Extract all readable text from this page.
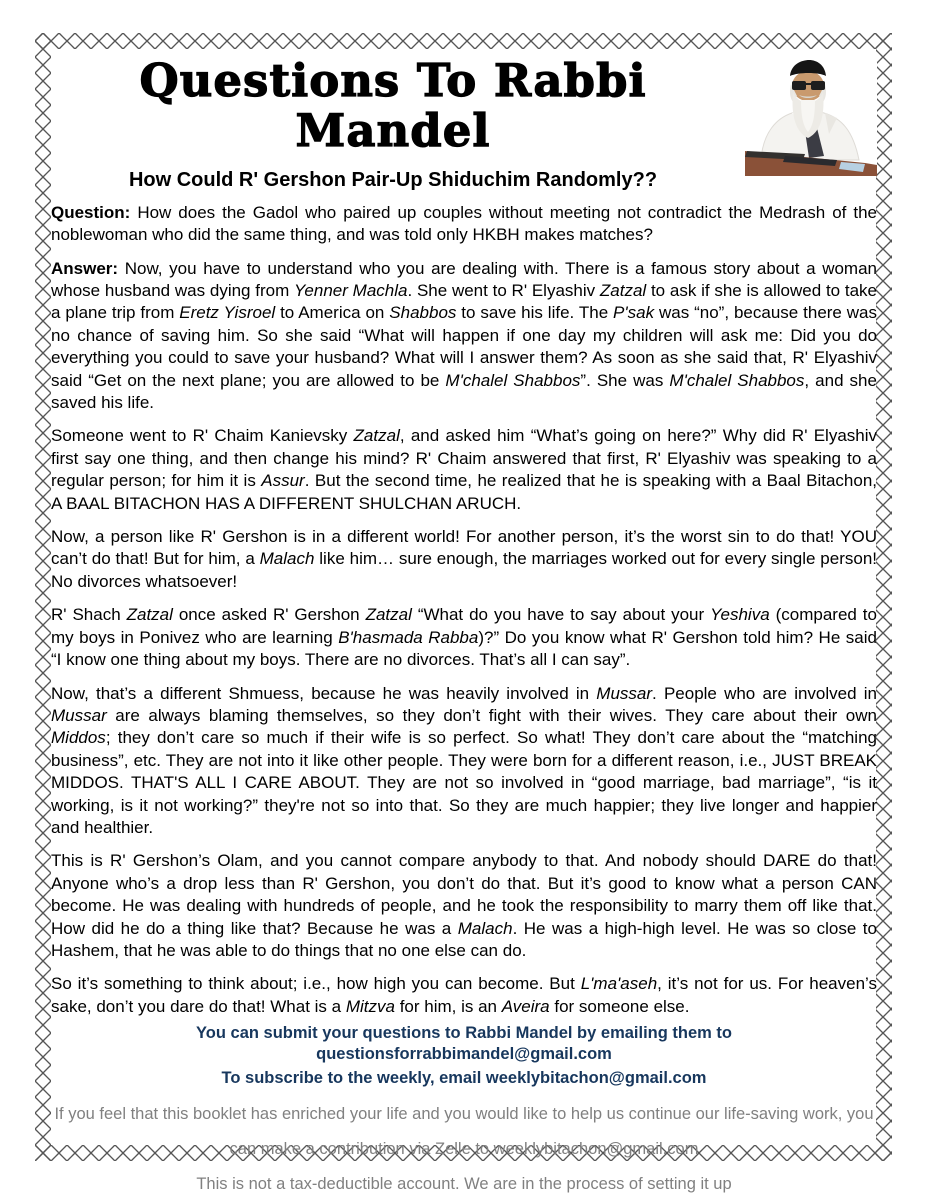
Questions To Rabbi Mandel
How Could R' Gershon Pair-Up Shiduchim Randomly??

Question: How does the Gadol who paired up couples without meeting not contradict the Medrash of the noblewoman who did the same thing, and was told only HKBH makes matches?

Answer: Now, you have to understand who you are dealing with. There is a famous story about a woman whose husband was dying from Yenner Machla. She went to R' Elyashiv Zatzal to ask if she is allowed to take a plane trip from Eretz Yisroel to America on Shabbos to save his life. The P'sak was “no”, because there was no chance of saving him. So she said “What will happen if one day my children will ask me: Did you do everything you could to save your husband? What will I answer them? As soon as she said that, R' Elyashiv said “Get on the next plane; you are allowed to be M'chalel Shabbos”. She was M'chalel Shabbos, and she saved his life.

Someone went to R' Chaim Kanievsky Zatzal, and asked him “What’s going on here?” Why did R' Elyashiv first say one thing, and then change his mind? R' Chaim answered that first, R' Elyashiv was speaking to a regular person; for him it is Assur. But the second time, he realized that he is speaking with a Baal Bitachon, A BAAL BITACHON HAS A DIFFERENT SHULCHAN ARUCH.

Now, a person like R' Gershon is in a different world! For another person, it’s the worst sin to do that! YOU can’t do that! But for him, a Malach like him… sure enough, the marriages worked out for every single person! No divorces whatsoever!

R' Shach Zatzal once asked R' Gershon Zatzal “What do you have to say about your Yeshiva (compared to my boys in Ponivez who are learning B'hasmada Rabba)?” Do you know what R' Gershon told him? He said “I know one thing about my boys. There are no divorces. That’s all I can say”.

Now, that’s a different Shmuess, because he was heavily involved in Mussar. People who are involved in Mussar are always blaming themselves, so they don’t fight with their wives. They care about their own Middos; they don’t care so much if their wife is so perfect. So what! They don’t care about the “matching business”, etc. They are not into it like other people. They were born for a different reason, i.e., JUST BREAK MIDDOS. THAT'S ALL I CARE ABOUT. They are not so involved in “good marriage, bad marriage”, “is it working, is it not working?” they're not so into that. So they are much happier; they live longer and happier and healthier.

This is R' Gershon’s Olam, and you cannot compare anybody to that. And nobody should DARE do that! Anyone who’s a drop less than R' Gershon, you don’t do that. But it’s good to know what a person CAN become. He was dealing with hundreds of people, and he took the responsibility to marry them off like that. How did he do a thing like that? Because he was a Malach. He was a high-high level. He was so close to Hashem, that he was able to do things that no one else can do.

So it’s something to think about; i.e., how high you can become. But L'ma'aseh, it’s not for us. For heaven’s sake, don’t you dare do that! What is a Mitzva for him, is an Aveira for someone else.

You can submit your questions to Rabbi Mandel by emailing them to questionsforrabbimandel@gmail.com

To subscribe to the weekly, email weeklybitachon@gmail.com

If you feel that this booklet has enriched your life and you would like to help us continue our life-saving work, you

can make a contribution via Zelle to weeklybitachon@gmail.com

This is not a tax-deductible account. We are in the process of setting it up
